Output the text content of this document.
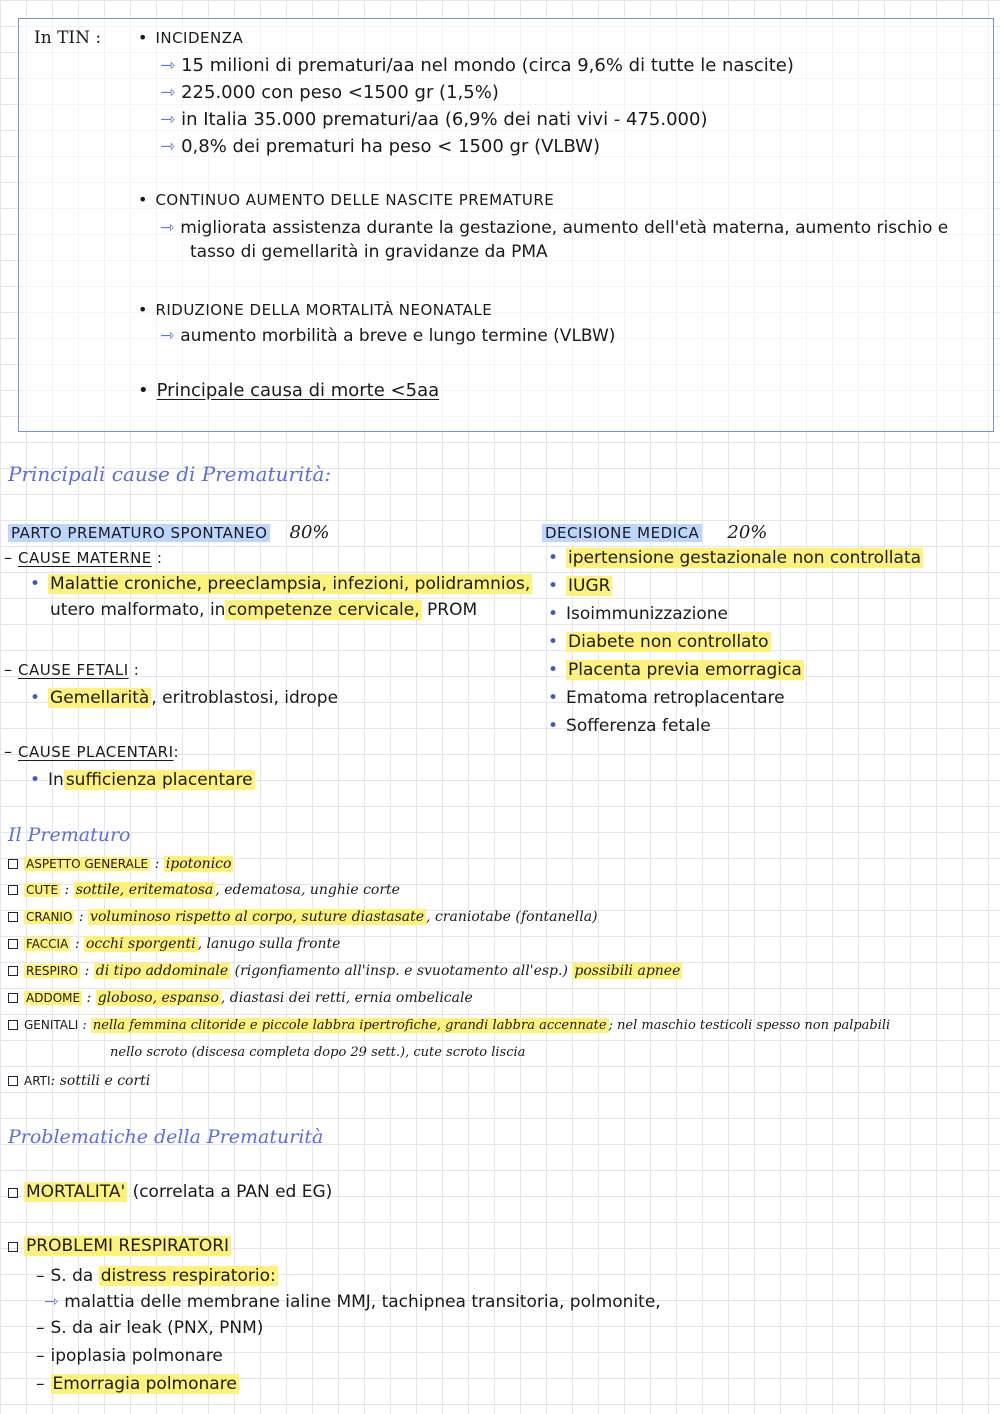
In TIN : • INCIDENZA
⇾ 15 milioni di prematuri/aa nel mondo (circa 9,6% di tutte le nascite)
⇾ 225.000 con peso <1500 gr (1,5%)
⇾ in Italia 35.000 prematuri/aa (6,9% dei nati vivi - 475.000)
⇾ 0,8% dei prematuri ha peso < 1500 gr (VLBW)
• CONTINUO AUMENTO DELLE NASCITE PREMATURE
⇾ migliorata assistenza durante la gestazione, aumento dell'età materna, aumento rischio e
tasso di gemellarità in gravidanze da PMA
• RIDUZIONE DELLA MORTALITÀ NEONATALE
⇾ aumento morbilità a breve e lungo termine (VLBW)
• Principale causa di morte <5aa
Principali cause di Prematurità:
PARTO PREMATURO SPONTANEO 80%
– CAUSE MATERNE :
• Malattie croniche, preeclampsia, infezioni, polidramnios,
utero malformato, in competenze cervicale, PROM
– CAUSE FETALI :
• Gemellarità , eritroblastosi, idrope
– CAUSE PLACENTARI:
• In sufficienza placentare
DECISIONE MEDICA 20%
• ipertensione gestazionale non controllata
• IUGR
• Isoimmunizzazione
• Diabete non controllato
• Placenta previa emorragica
• Ematoma retroplacentare
• Sofferenza fetale
Il Prematuro
ASPETTO GENERALE : ipotonico
CUTE : sottile, eritematosa , edematosa, unghie corte
CRANIO : voluminoso rispetto al corpo, suture diastasate , craniotabe (fontanella)
FACCIA : occhi sporgenti , lanugo sulla fronte
RESPIRO : di tipo addominale (rigonfiamento all'insp. e svuotamento all'esp.) possibili apnee
ADDOME : globoso, espanso , diastasi dei retti, ernia ombelicale
GENITALI : nella femmina clitoride e piccole labbra ipertrofiche, grandi labbra accennate ; nel maschio testicoli spesso non palpabili
nello scroto (discesa completa dopo 29 sett.), cute scroto liscia
ARTI: sottili e corti
Problematiche della Prematurità
MORTALITA' (correlata a PAN ed EG)
PROBLEMI RESPIRATORI
– S. da distress respiratorio:
⇾ malattia delle membrane ialine MMJ, tachipnea transitoria, polmonite,
– S. da air leak (PNX, PNM)
– ipoplasia polmonare
– Emorragia polmonare
